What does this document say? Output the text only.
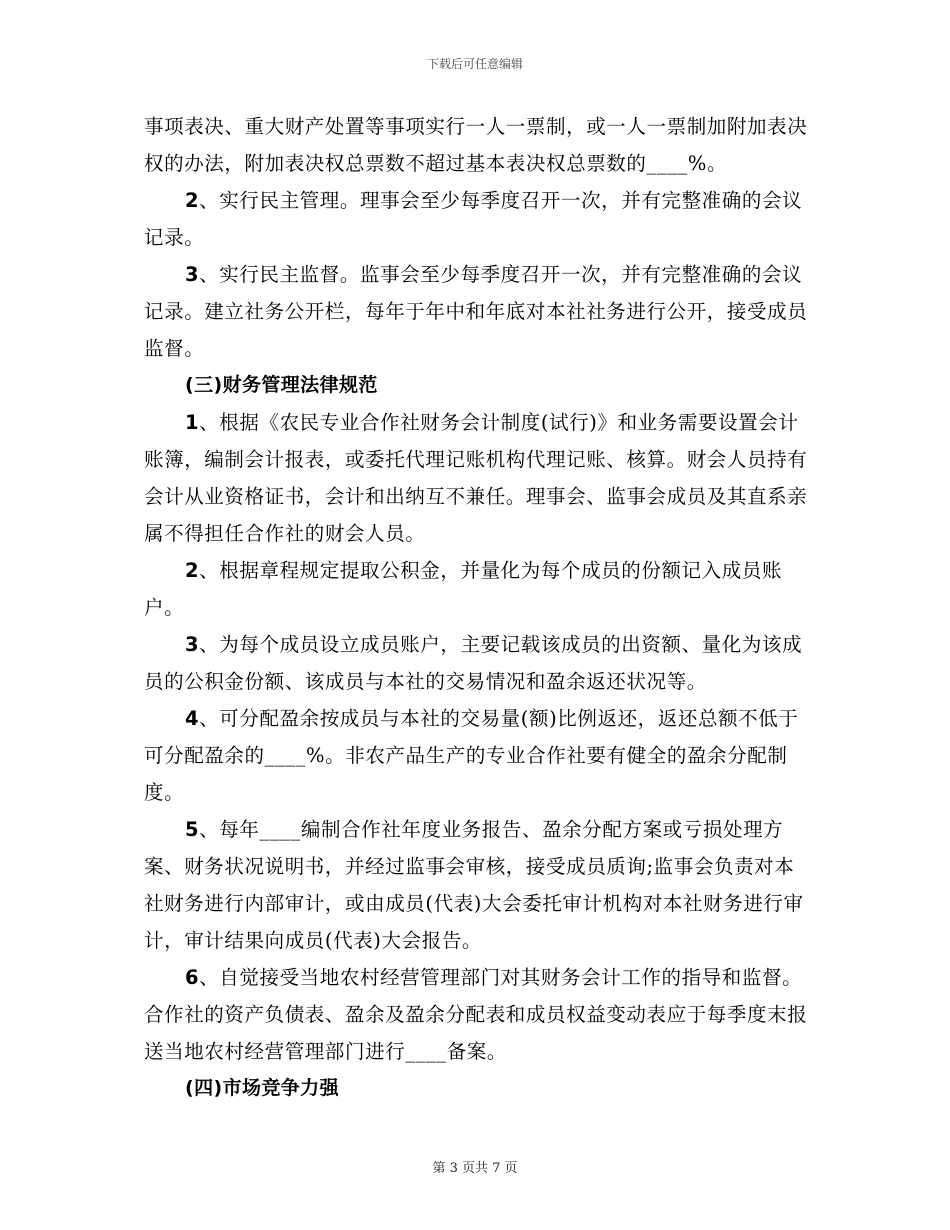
下载后可任意编辑

事项表决、重大财产处置等事项实行一人一票制，或一人一票制加附加表决权的办法，附加表决权总票数不超过基本表决权总票数的____%。

2、实行民主管理。理事会至少每季度召开一次，并有完整准确的会议记录。

3、实行民主监督。监事会至少每季度召开一次，并有完整准确的会议记录。建立社务公开栏，每年于年中和年底对本社社务进行公开，接受成员监督。

(三)财务管理法律规范

1、根据《农民专业合作社财务会计制度(试行)》和业务需要设置会计账簿，编制会计报表，或委托代理记账机构代理记账、核算。财会人员持有会计从业资格证书，会计和出纳互不兼任。理事会、监事会成员及其直系亲属不得担任合作社的财会人员。

2、根据章程规定提取公积金，并量化为每个成员的份额记入成员账户。

3、为每个成员设立成员账户，主要记载该成员的出资额、量化为该成员的公积金份额、该成员与本社的交易情况和盈余返还状况等。

4、可分配盈余按成员与本社的交易量(额)比例返还，返还总额不低于可分配盈余的____%。非农产品生产的专业合作社要有健全的盈余分配制度。

5、每年____编制合作社年度业务报告、盈余分配方案或亏损处理方案、财务状况说明书，并经过监事会审核，接受成员质询;监事会负责对本社财务进行内部审计，或由成员(代表)大会委托审计机构对本社财务进行审计，审计结果向成员(代表)大会报告。

6、自觉接受当地农村经营管理部门对其财务会计工作的指导和监督。合作社的资产负债表、盈余及盈余分配表和成员权益变动表应于每季度末报送当地农村经营管理部门进行____备案。

(四)市场竞争力强

第 3 页共 7 页
